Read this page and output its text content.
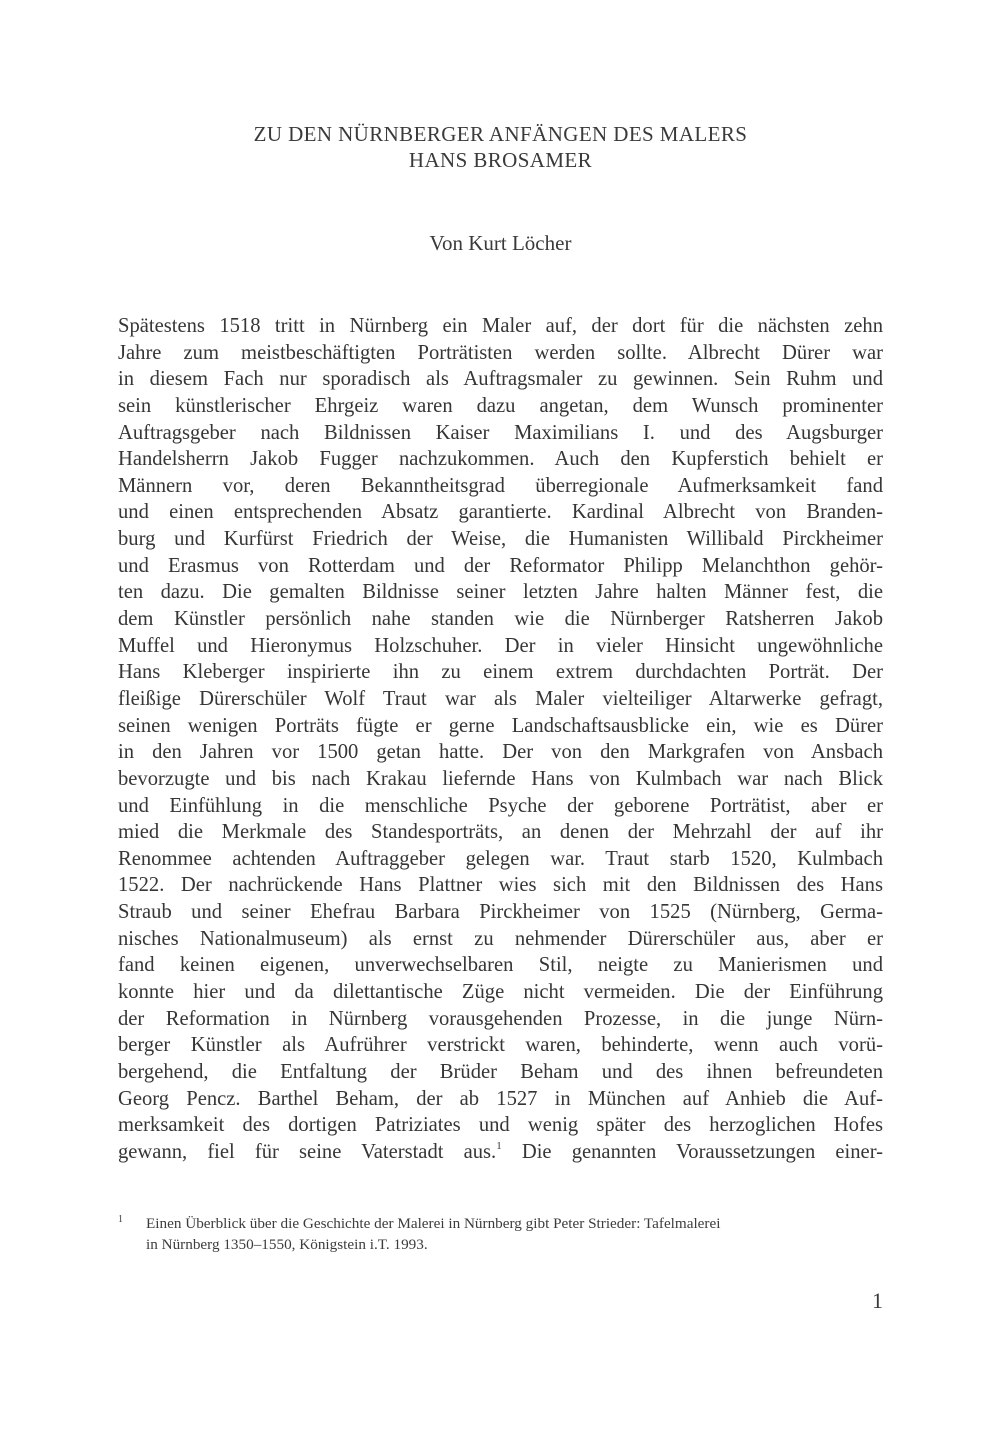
ZU DEN NÜRNBERGER ANFÄNGEN DES MALERS
HANS BROSAMER
Von Kurt Löcher
Spätestens 1518 tritt in Nürnberg ein Maler auf, der dort für die nächsten zehn
Jahre zum meistbeschäftigten Porträtisten werden sollte. Albrecht Dürer war
in diesem Fach nur sporadisch als Auftragsmaler zu gewinnen. Sein Ruhm und
sein künstlerischer Ehrgeiz waren dazu angetan, dem Wunsch prominenter
Auftragsgeber nach Bildnissen Kaiser Maximilians I. und des Augsburger
Handelsherrn Jakob Fugger nachzukommen. Auch den Kupferstich behielt er
Männern vor, deren Bekanntheitsgrad überregionale Aufmerksamkeit fand
und einen entsprechenden Absatz garantierte. Kardinal Albrecht von Branden-
burg und Kurfürst Friedrich der Weise, die Humanisten Willibald Pirckheimer
und Erasmus von Rotterdam und der Reformator Philipp Melanchthon gehör-
ten dazu. Die gemalten Bildnisse seiner letzten Jahre halten Männer fest, die
dem Künstler persönlich nahe standen wie die Nürnberger Ratsherren Jakob
Muffel und Hieronymus Holzschuher. Der in vieler Hinsicht ungewöhnliche
Hans Kleberger inspirierte ihn zu einem extrem durchdachten Porträt. Der
fleißige Dürerschüler Wolf Traut war als Maler vielteiliger Altarwerke gefragt,
seinen wenigen Porträts fügte er gerne Landschaftsausblicke ein, wie es Dürer
in den Jahren vor 1500 getan hatte. Der von den Markgrafen von Ansbach
bevorzugte und bis nach Krakau liefernde Hans von Kulmbach war nach Blick
und Einfühlung in die menschliche Psyche der geborene Porträtist, aber er
mied die Merkmale des Standesporträts, an denen der Mehrzahl der auf ihr
Renommee achtenden Auftraggeber gelegen war. Traut starb 1520, Kulmbach
1522. Der nachrückende Hans Plattner wies sich mit den Bildnissen des Hans
Straub und seiner Ehefrau Barbara Pirckheimer von 1525 (Nürnberg, Germa-
nisches Nationalmuseum) als ernst zu nehmender Dürerschüler aus, aber er
fand keinen eigenen, unverwechselbaren Stil, neigte zu Manierismen und
konnte hier und da dilettantische Züge nicht vermeiden. Die der Einführung
der Reformation in Nürnberg vorausgehenden Prozesse, in die junge Nürn-
berger Künstler als Aufrührer verstrickt waren, behinderte, wenn auch vorü-
bergehend, die Entfaltung der Brüder Beham und des ihnen befreundeten
Georg Pencz. Barthel Beham, der ab 1527 in München auf Anhieb die Auf-
merksamkeit des dortigen Patriziates und wenig später des herzoglichen Hofes
gewann, fiel für seine Vaterstadt aus.$^1$ Die genannten Voraussetzungen einer-
1 Einen Überblick über die Geschichte der Malerei in Nürnberg gibt Peter Strieder: Tafelmalerei
in Nürnberg 1350–1550, Königstein i.T. 1993.
1
